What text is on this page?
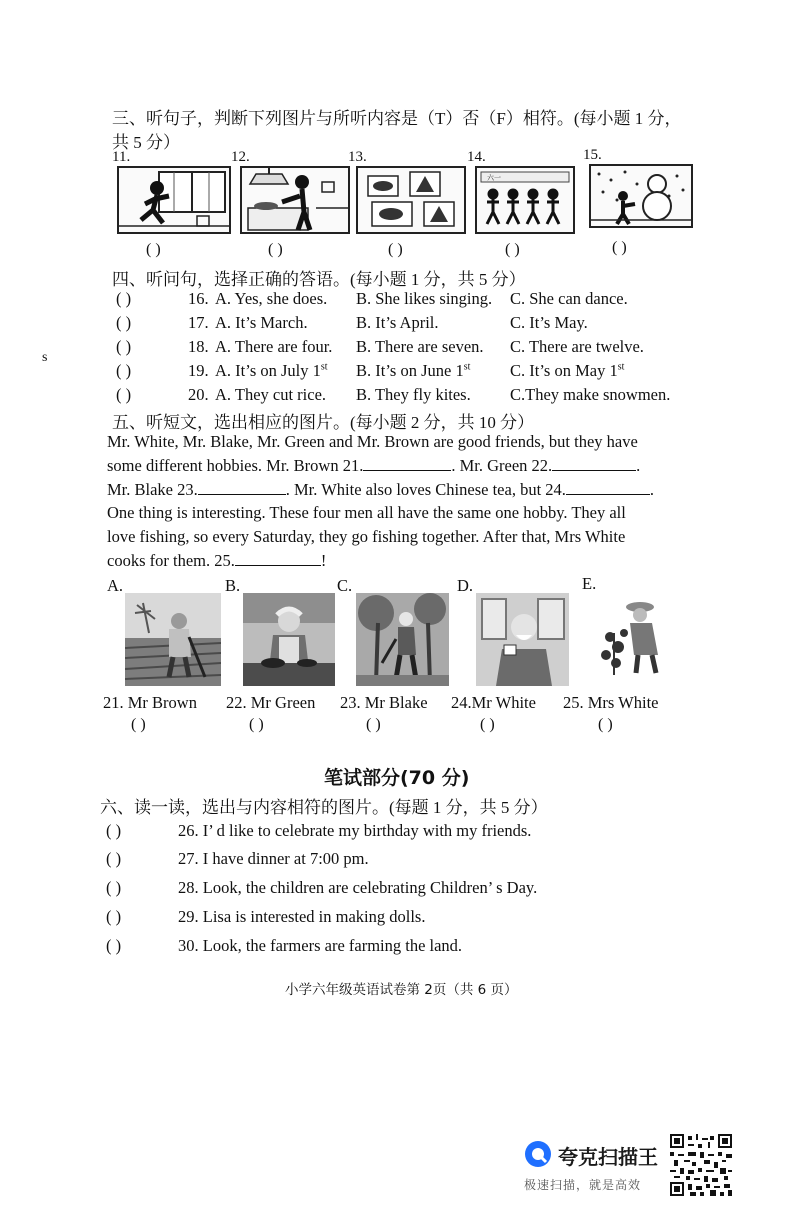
三、听句子，判断下列图片与所听内容是（T）否（F）相符。(每小题 1 分，
共 5 分）
11.	12.	13.	14.	15.
六一
( )	( )	( )	( )	( )
四、听问句，选择正确的答语。(每小题 1 分，共 5 分）
s
( )	16. A. Yes, she does. B. She likes singing. C. She can dance.
( )	17. A. It’s March.	B. It’s April.	C. It’s May.
( )	18. A. There are four. B. There are seven. C. There are twelve.
( )	19. A. It’s on July 1st B. It’s on June 1st C. It’s on May 1st
( )	20. A. They cut rice. B. They fly kites. C.They make snowmen.
五、听短文，选出相应的图片。(每小题 2 分，共 10 分）
Mr. White, Mr. Blake, Mr. Green and Mr. Brown are good friends, but they have
some different hobbies. Mr. Brown 21.	. Mr. Green 22.	.
Mr. Blake 23.	. Mr. White also loves Chinese tea, but 24.	.
One thing is interesting. These four men all have the same one hobby. They all
love fishing, so every Saturday, they go fishing together. After that, Mrs White
cooks for them. 25.	!
A.	B.	C.	D.	E.
21. Mr Brown 22. Mr Green 23. Mr Blake 24.Mr White 25. Mrs White
( )	( )	( )	( )	( )
笔试部分(70 分)
六、读一读，选出与内容相符的图片。(每题 1 分，共 5 分）
( )	26. I’ d like to celebrate my birthday with my friends.
( )	27. I have dinner at 7:00 pm.
( )	28. Look, the children are celebrating Children’ s Day.
( )	29. Lisa is interested in making dolls.
( )	30. Look, the farmers are farming the land.
小学六年级英语试卷第 2页（共 6 页）
夸克扫描王
极速扫描，就是高效
